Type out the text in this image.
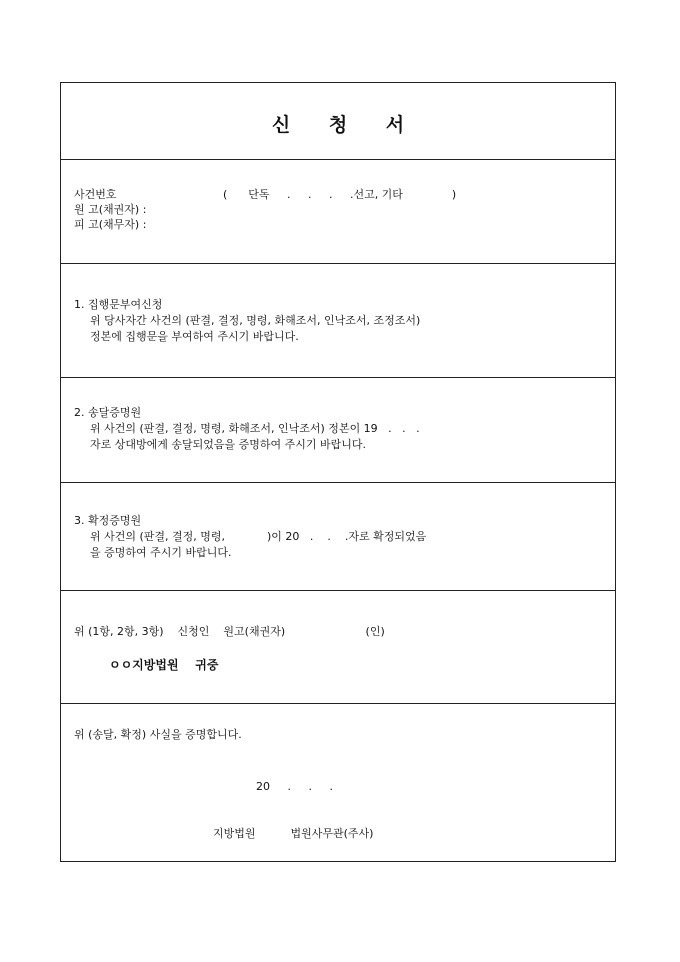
신 청 서
사건번호	(      단독     .     .     .     .선고, 기타              )
원 고(채권자) :
피 고(채무자) :
1. 집행문부여신청
위 당사자간 사건의 (판결, 결정, 명령, 화해조서, 인낙조서, 조정조서)
정본에 집행문을 부여하여 주시기 바랍니다.
2. 송달증명원
위 사건의 (판결, 결정, 명령, 화해조서, 인낙조서) 정본이 19   .   .   .
자로 상대방에게 송달되었음을 증명하여 주시기 바랍니다.
3. 확정증명원
위 사건의 (판결, 결정, 명령,            )이 20   .    .    .자로 확정되었음
을 증명하여 주시기 바랍니다.
위 (1항, 2항, 3항)    신청인    원고(채권자)                       (인)
ㅇㅇ지방법원    귀중
위 (송달, 확정) 사실을 증명합니다.
20     .     .     .
지방법원          법원사무관(주사)
